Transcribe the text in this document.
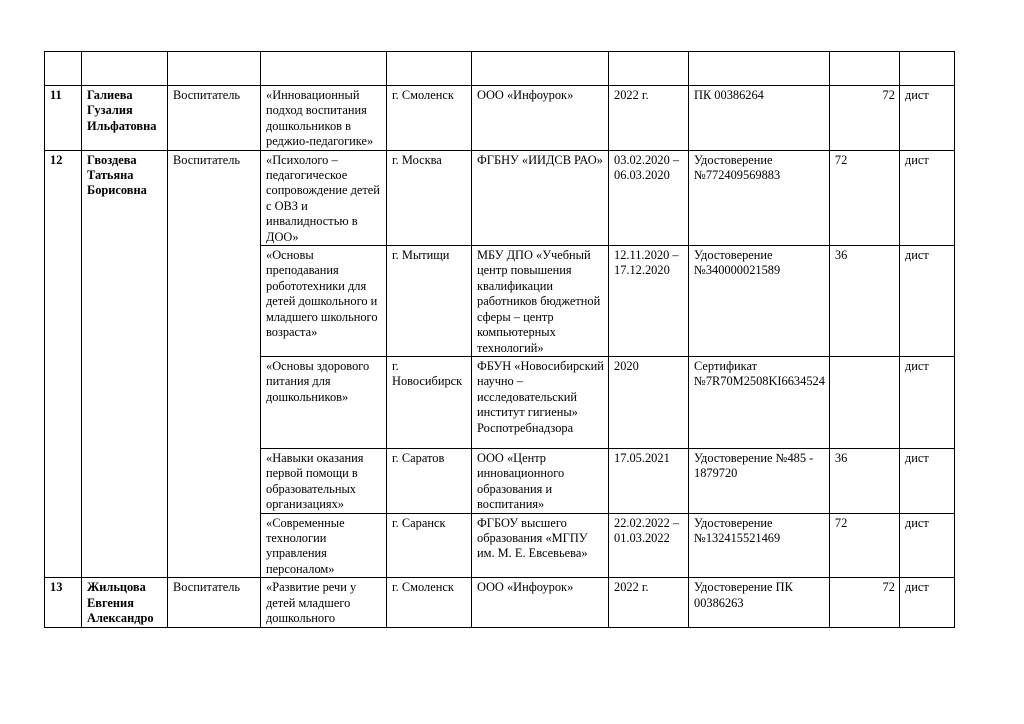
11	Галиева Гузалия Ильфатовна	Воспитатель	«Инновационный подход воспитания дошкольников в реджио-педагогике»	г. Смоленск	ООО «Инфоурок»	2022 г.	ПК 00386264	72	дист
12	Гвоздева Татьяна Борисовна	Воспитатель	«Психолого – педагогическое сопровождение детей с ОВЗ и инвалидностью в ДОО»	г. Москва	ФГБНУ «ИИДСВ РАО»	03.02.2020 – 06.03.2020	Удостоверение №772409569883	72	дист
			«Основы преподавания робототехники для детей дошкольного и младшего школьного возраста»	г. Мытищи	МБУ ДПО «Учебный центр повышения квалификации работников бюджетной сферы – центр компьютерных технологий»	12.11.2020 – 17.12.2020	Удостоверение №340000021589	36	дист
			«Основы здорового питания для дошкольников»	г. Новосибирск	ФБУН «Новосибирский научно – исследовательский институт гигиены» Роспотребнадзора	2020	Сертификат №7R70M2508KI6634524		дист
			«Навыки оказания первой помощи в образовательных организациях»	г. Саратов	ООО «Центр инновационного образования и воспитания»	17.05.2021	Удостоверение №485 - 1879720	36	дист
			«Современные технологии управления персоналом»	г. Саранск	ФГБОУ высшего образования «МГПУ им. М. Е. Евсевьева»	22.02.2022 – 01.03.2022	Удостоверение №132415521469	72	дист
13	Жильцова Евгения Александро	Воспитатель	«Развитие речи у детей младшего дошкольного	г. Смоленск	ООО «Инфоурок»	2022 г.	Удостоверение ПК 00386263	72	дист
